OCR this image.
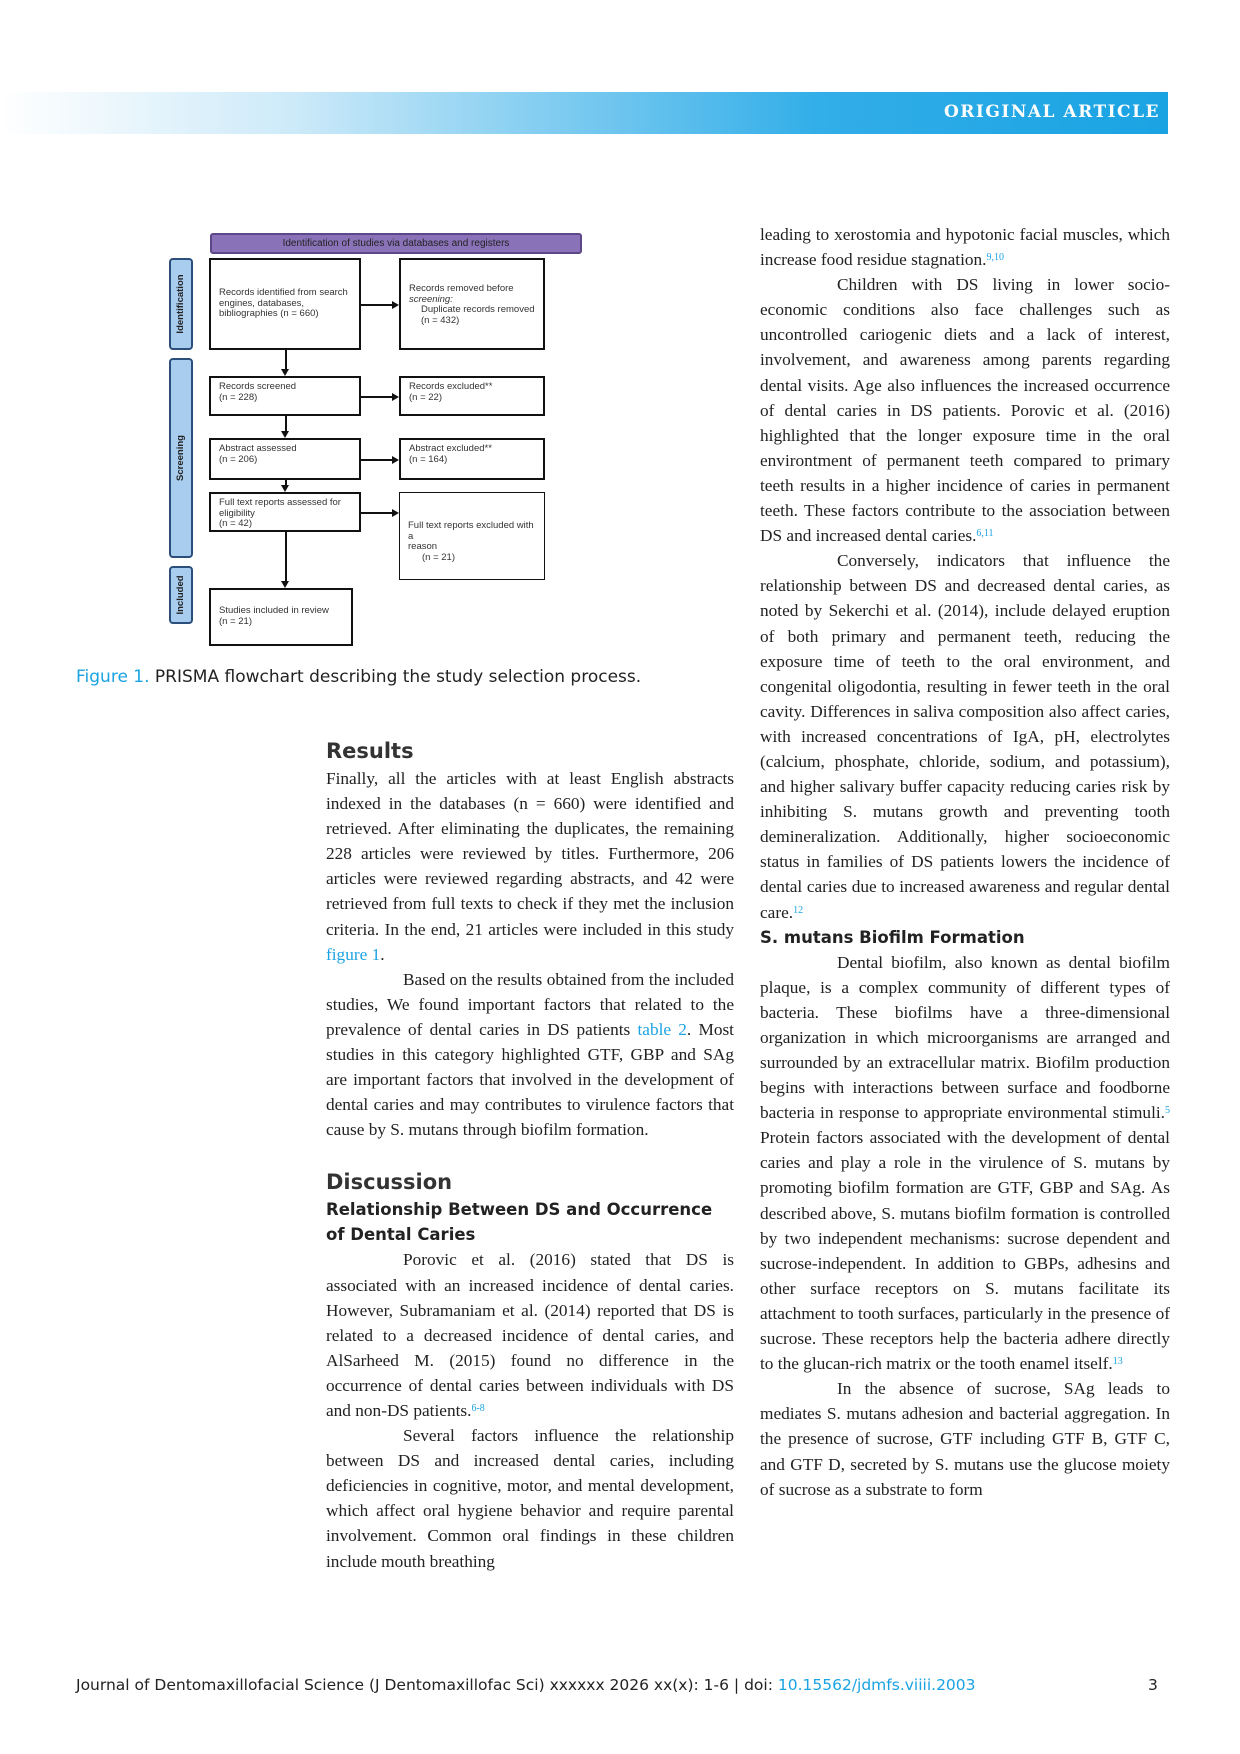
ORIGINAL ARTICLE
Identification of studies via databases and registers
Identification
Screening
Included
Records identified from search
engines, databases,
bibliographies (n = 660)
Records removed before
screening:
Duplicate records removed
(n = 432)
Records screened
(n = 228)
Records excluded**
(n = 22)
Abstract assessed
(n = 206)
Abstract excluded**
(n = 164)
Full text reports assessed for
eligibility
(n = 42)	Full text reports excluded with a
reason
(n = 21)
Studies included in review
(n = 21)
Figure 1. PRISMA flowchart describing the study selection process.
Results

Finally, all the articles with at least English abstracts indexed in the databases (n = 660) were identified and retrieved. After eliminating the duplicates, the remaining 228 articles were reviewed by titles. Furthermore, 206 articles were reviewed regarding abstracts, and 42 were retrieved from full texts to check if they met the inclusion criteria. In the end, 21 articles were included in this study figure 1.

Based on the results obtained from the included studies, We found important factors that related to the prevalence of dental caries in DS patients table 2. Most studies in this category highlighted GTF, GBP and SAg are important factors that involved in the development of dental caries and may contributes to virulence factors that cause by S. mutans through biofilm formation.

Discussion
Relationship Between DS and Occurrence of Dental Caries

Porovic et al. (2016) stated that DS is associated with an increased incidence of dental caries. However, Subramaniam et al. (2014) reported that DS is related to a decreased incidence of dental caries, and AlSarheed M. (2015) found no difference in the occurrence of dental caries between individuals with DS and non-DS patients.$^{6-8}$

Several factors influence the relationship between DS and increased dental caries, including deficiencies in cognitive, motor, and mental development, which affect oral hygiene behavior and require parental involvement. Common oral findings in these children include mouth breathing

leading to xerostomia and hypotonic facial muscles, which increase food residue stagnation.$^{9,10}$

Children with DS living in lower socio-economic conditions also face challenges such as uncontrolled cariogenic diets and a lack of interest, involvement, and awareness among parents regarding dental visits. Age also influences the increased occurrence of dental caries in DS patients. Porovic et al. (2016) highlighted that the longer exposure time in the oral environtment of permanent teeth compared to primary teeth results in a higher incidence of caries in permanent teeth. These factors contribute to the association between DS and increased dental caries.$^{6,11}$

Conversely, indicators that influence the relationship between DS and decreased dental caries, as noted by Sekerchi et al. (2014), include delayed eruption of both primary and permanent teeth, reducing the exposure time of teeth to the oral environment, and congenital oligodontia, resulting in fewer teeth in the oral cavity. Differences in saliva composition also affect caries, with increased concentrations of IgA, pH, electrolytes (calcium, phosphate, chloride, sodium, and potassium), and higher salivary buffer capacity reducing caries risk by inhibiting S. mutans growth and preventing tooth demineralization. Additionally, higher socioeconomic status in families of DS patients lowers the incidence of dental caries due to increased awareness and regular dental care.$^{12}$

S. mutans Biofilm Formation

Dental biofilm, also known as dental biofilm plaque, is a complex community of different types of bacteria. These biofilms have a three-dimensional organization in which microorganisms are arranged and surrounded by an extracellular matrix. Biofilm production begins with interactions between surface and foodborne bacteria in response to appropriate environmental stimuli.$^5$ Protein factors associated with the development of dental caries and play a role in the virulence of S. mutans by promoting biofilm formation are GTF, GBP and SAg. As described above, S. mutans biofilm formation is controlled by two independent mechanisms: sucrose dependent and sucrose-independent. In addition to GBPs, adhesins and other surface receptors on S. mutans facilitate its attachment to tooth surfaces, particularly in the presence of sucrose. These receptors help the bacteria adhere directly to the glucan-rich matrix or the tooth enamel itself.$^{13}$

In the absence of sucrose, SAg leads to mediates S. mutans adhesion and bacterial aggregation. In the presence of sucrose, GTF including GTF B, GTF C, and GTF D, secreted by S. mutans use the glucose moiety of sucrose as a substrate to form

Journal of Dentomaxillofacial Science (J Dentomaxillofac Sci) xxxxxx 2026 xx(x): 1-6 | doi: 10.15562/jdmfs.viiii.2003	3
